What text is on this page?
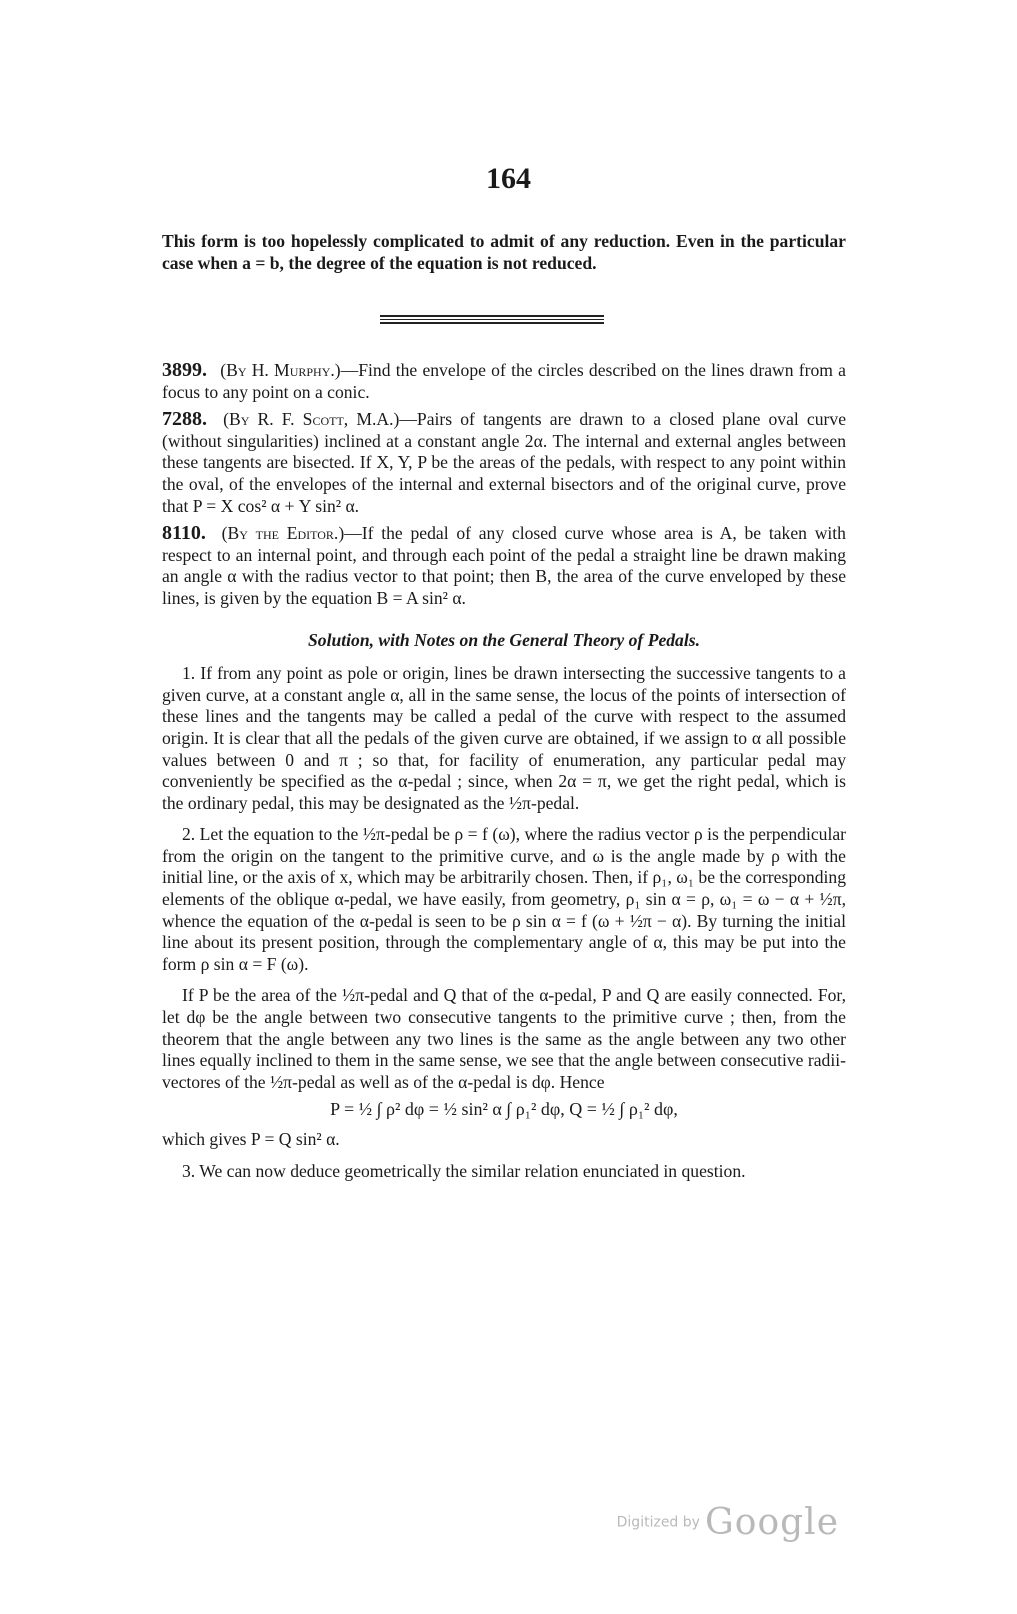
164

This form is too hopelessly complicated to admit of any reduction. Even in the particular case when a = b, the degree of the equation is not reduced.

3899. (By H. Murphy.)—Find the envelope of the circles described on the lines drawn from a focus to any point on a conic.

7288. (By R. F. Scott, M.A.)—Pairs of tangents are drawn to a closed plane oval curve (without singularities) inclined at a constant angle 2α. The internal and external angles between these tangents are bisected. If X, Y, P be the areas of the pedals, with respect to any point within the oval, of the envelopes of the internal and external bisectors and of the original curve, prove that P = X cos² α + Y sin² α.

8110. (By the Editor.)—If the pedal of any closed curve whose area is A, be taken with respect to an internal point, and through each point of the pedal a straight line be drawn making an angle α with the radius vector to that point; then B, the area of the curve enveloped by these lines, is given by the equation B = A sin² α.

Solution, with Notes on the General Theory of Pedals.

1. If from any point as pole or origin, lines be drawn intersecting the successive tangents to a given curve, at a constant angle α, all in the same sense, the locus of the points of intersection of these lines and the tangents may be called a pedal of the curve with respect to the assumed origin. It is clear that all the pedals of the given curve are obtained, if we assign to α all possible values between 0 and π ; so that, for facility of enumeration, any particular pedal may conveniently be specified as the α-pedal ; since, when 2α = π, we get the right pedal, which is the ordinary pedal, this may be designated as the ½π-pedal.

2. Let the equation to the ½π-pedal be ρ = f (ω), where the radius vector ρ is the perpendicular from the origin on the tangent to the primitive curve, and ω is the angle made by ρ with the initial line, or the axis of x, which may be arbitrarily chosen. Then, if ρ₁, ω₁ be the corresponding elements of the oblique α-pedal, we have easily, from geometry, ρ₁ sin α = ρ, ω₁ = ω − α + ½π, whence the equation of the α-pedal is seen to be ρ sin α = f (ω + ½π − α). By turning the initial line about its present position, through the complementary angle of α, this may be put into the form ρ sin α = F (ω).

If P be the area of the ½π-pedal and Q that of the α-pedal, P and Q are easily connected. For, let dφ be the angle between two consecutive tangents to the primitive curve ; then, from the theorem that the angle between any two lines is the same as the angle between any two other lines equally inclined to them in the same sense, we see that the angle between consecutive radii-vectores of the ½π-pedal as well as of the α-pedal is dφ. Hence

P = ½ ∫ ρ² dφ = ½ sin² α ∫ ρ₁² dφ, Q = ½ ∫ ρ₁² dφ,

which gives P = Q sin² α.

3. We can now deduce geometrically the similar relation enunciated in question.

Digitized by Google
